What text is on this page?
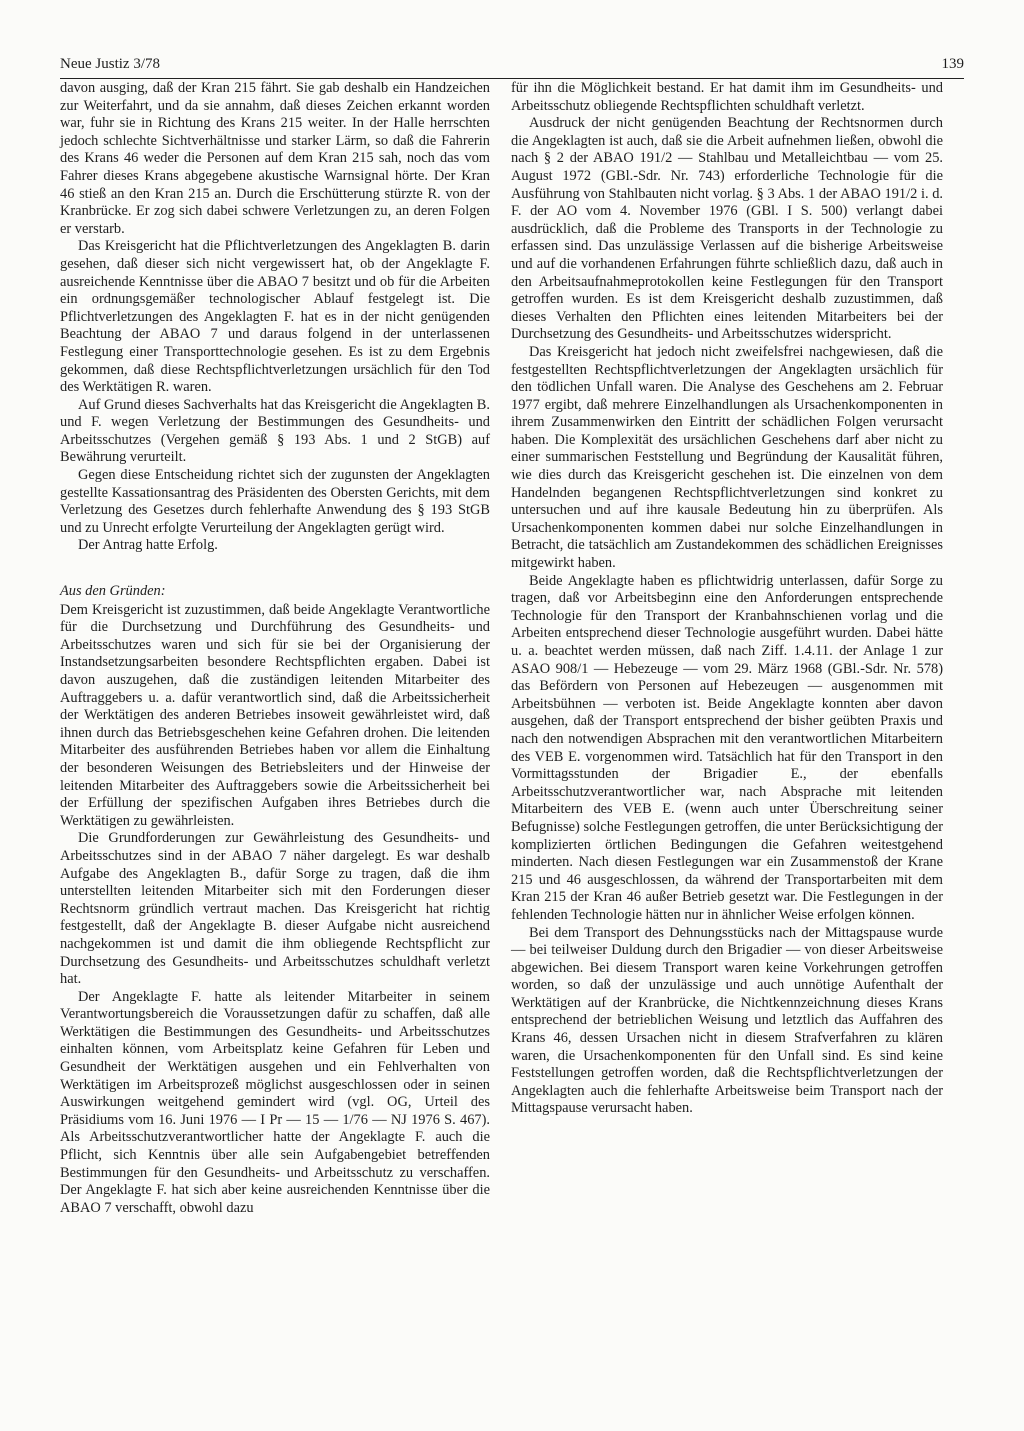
Neue Justiz 3/78	139

davon ausging, daß der Kran 215 fährt. Sie gab deshalb ein Handzeichen zur Weiterfahrt, und da sie annahm, daß dieses Zeichen erkannt worden war, fuhr sie in Richtung des Krans 215 weiter. In der Halle herrschten jedoch schlechte Sichtverhältnisse und starker Lärm, so daß die Fahrerin des Krans 46 weder die Personen auf dem Kran 215 sah, noch das vom Fahrer dieses Krans abgegebene akustische Warnsignal hörte. Der Kran 46 stieß an den Kran 215 an. Durch die Erschütterung stürzte R. von der Kranbrücke. Er zog sich dabei schwere Verletzungen zu, an deren Folgen er verstarb.

Das Kreisgericht hat die Pflichtverletzungen des Angeklagten B. darin gesehen, daß dieser sich nicht vergewissert hat, ob der Angeklagte F. ausreichende Kenntnisse über die ABAO 7 besitzt und ob für die Arbeiten ein ordnungsgemäßer technologischer Ablauf festgelegt ist. Die Pflichtverletzungen des Angeklagten F. hat es in der nicht genügenden Beachtung der ABAO 7 und daraus folgend in der unterlassenen Festlegung einer Transporttechnologie gesehen. Es ist zu dem Ergebnis gekommen, daß diese Rechtspflichtverletzungen ursächlich für den Tod des Werktätigen R. waren.

Auf Grund dieses Sachverhalts hat das Kreisgericht die Angeklagten B. und F. wegen Verletzung der Bestimmungen des Gesundheits- und Arbeitsschutzes (Vergehen gemäß § 193 Abs. 1 und 2 StGB) auf Bewährung verurteilt.

Gegen diese Entscheidung richtet sich der zugunsten der Angeklagten gestellte Kassationsantrag des Präsidenten des Obersten Gerichts, mit dem Verletzung des Gesetzes durch fehlerhafte Anwendung des § 193 StGB und zu Unrecht erfolgte Verurteilung der Angeklagten gerügt wird.

Der Antrag hatte Erfolg.

Aus den Gründen:

Dem Kreisgericht ist zuzustimmen, daß beide Angeklagte Verantwortliche für die Durchsetzung und Durchführung des Gesundheits- und Arbeitsschutzes waren und sich für sie bei der Organisierung der Instandsetzungsarbeiten besondere Rechtspflichten ergaben. Dabei ist davon auszugehen, daß die zuständigen leitenden Mitarbeiter des Auftraggebers u. a. dafür verantwortlich sind, daß die Arbeitssicherheit der Werktätigen des anderen Betriebes insoweit gewährleistet wird, daß ihnen durch das Betriebsgeschehen keine Gefahren drohen. Die leitenden Mitarbeiter des ausführenden Betriebes haben vor allem die Einhaltung der besonderen Weisungen des Betriebsleiters und der Hinweise der leitenden Mitarbeiter des Auftraggebers sowie die Arbeitssicherheit bei der Erfüllung der spezifischen Aufgaben ihres Betriebes durch die Werktätigen zu gewährleisten.

Die Grundforderungen zur Gewährleistung des Gesundheits- und Arbeitsschutzes sind in der ABAO 7 näher dargelegt. Es war deshalb Aufgabe des Angeklagten B., dafür Sorge zu tragen, daß die ihm unterstellten leitenden Mitarbeiter sich mit den Forderungen dieser Rechtsnorm gründlich vertraut machen. Das Kreisgericht hat richtig festgestellt, daß der Angeklagte B. dieser Aufgabe nicht ausreichend nachgekommen ist und damit die ihm obliegende Rechtspflicht zur Durchsetzung des Gesundheits- und Arbeitsschutzes schuldhaft verletzt hat.

Der Angeklagte F. hatte als leitender Mitarbeiter in seinem Verantwortungsbereich die Voraussetzungen dafür zu schaffen, daß alle Werktätigen die Bestimmungen des Gesundheits- und Arbeitsschutzes einhalten können, vom Arbeitsplatz keine Gefahren für Leben und Gesundheit der Werktätigen ausgehen und ein Fehlverhalten von Werktätigen im Arbeitsprozeß möglichst ausgeschlossen oder in seinen Auswirkungen weitgehend gemindert wird (vgl. OG, Urteil des Präsidiums vom 16. Juni 1976 — I Pr — 15 — 1/76 — NJ 1976 S. 467). Als Arbeitsschutzverantwortlicher hatte der Angeklagte F. auch die Pflicht, sich Kenntnis über alle sein Aufgabengebiet betreffenden Bestimmungen für den Gesundheits- und Arbeitsschutz zu verschaffen. Der Angeklagte F. hat sich aber keine ausreichenden Kenntnisse über die ABAO 7 verschafft, obwohl dazu

für ihn die Möglichkeit bestand. Er hat damit ihm im Gesundheits- und Arbeitsschutz obliegende Rechtspflichten schuldhaft verletzt.

Ausdruck der nicht genügenden Beachtung der Rechtsnormen durch die Angeklagten ist auch, daß sie die Arbeit aufnehmen ließen, obwohl die nach § 2 der ABAO 191/2 — Stahlbau und Metalleichtbau — vom 25. August 1972 (GBl.-Sdr. Nr. 743) erforderliche Technologie für die Ausführung von Stahlbauten nicht vorlag. § 3 Abs. 1 der ABAO 191/2 i. d. F. der AO vom 4. November 1976 (GBl. I S. 500) verlangt dabei ausdrücklich, daß die Probleme des Transports in der Technologie zu erfassen sind. Das unzulässige Verlassen auf die bisherige Arbeitsweise und auf die vorhandenen Erfahrungen führte schließlich dazu, daß auch in den Arbeitsaufnahmeprotokollen keine Festlegungen für den Transport getroffen wurden. Es ist dem Kreisgericht deshalb zuzustimmen, daß dieses Verhalten den Pflichten eines leitenden Mitarbeiters bei der Durchsetzung des Gesundheits- und Arbeitsschutzes widerspricht.

Das Kreisgericht hat jedoch nicht zweifelsfrei nachgewiesen, daß die festgestellten Rechtspflichtverletzungen der Angeklagten ursächlich für den tödlichen Unfall waren. Die Analyse des Geschehens am 2. Februar 1977 ergibt, daß mehrere Einzelhandlungen als Ursachenkomponenten in ihrem Zusammenwirken den Eintritt der schädlichen Folgen verursacht haben. Die Komplexität des ursächlichen Geschehens darf aber nicht zu einer summarischen Feststellung und Begründung der Kausalität führen, wie dies durch das Kreisgericht geschehen ist. Die einzelnen von dem Handelnden begangenen Rechtspflichtverletzungen sind konkret zu untersuchen und auf ihre kausale Bedeutung hin zu überprüfen. Als Ursachenkomponenten kommen dabei nur solche Einzelhandlungen in Betracht, die tatsächlich am Zustandekommen des schädlichen Ereignisses mitgewirkt haben.

Beide Angeklagte haben es pflichtwidrig unterlassen, dafür Sorge zu tragen, daß vor Arbeitsbeginn eine den Anforderungen entsprechende Technologie für den Transport der Kranbahnschienen vorlag und die Arbeiten entsprechend dieser Technologie ausgeführt wurden. Dabei hätte u. a. beachtet werden müssen, daß nach Ziff. 1.4.11. der Anlage 1 zur ASAO 908/1 — Hebezeuge — vom 29. März 1968 (GBl.-Sdr. Nr. 578) das Befördern von Personen auf Hebezeugen — ausgenommen mit Arbeitsbühnen — verboten ist. Beide Angeklagte konnten aber davon ausgehen, daß der Transport entsprechend der bisher geübten Praxis und nach den notwendigen Absprachen mit den verantwortlichen Mitarbeitern des VEB E. vorgenommen wird. Tatsächlich hat für den Transport in den Vormittagsstunden der Brigadier E., der ebenfalls Arbeitsschutzverantwortlicher war, nach Absprache mit leitenden Mitarbeitern des VEB E. (wenn auch unter Überschreitung seiner Befugnisse) solche Festlegungen getroffen, die unter Berücksichtigung der komplizierten örtlichen Bedingungen die Gefahren weitestgehend minderten. Nach diesen Festlegungen war ein Zusammenstoß der Krane 215 und 46 ausgeschlossen, da während der Transportarbeiten mit dem Kran 215 der Kran 46 außer Betrieb gesetzt war. Die Festlegungen in der fehlenden Technologie hätten nur in ähnlicher Weise erfolgen können.

Bei dem Transport des Dehnungsstücks nach der Mittagspause wurde — bei teilweiser Duldung durch den Brigadier — von dieser Arbeitsweise abgewichen. Bei diesem Transport waren keine Vorkehrungen getroffen worden, so daß der unzulässige und auch unnötige Aufenthalt der Werktätigen auf der Kranbrücke, die Nichtkennzeichnung dieses Krans entsprechend der betrieblichen Weisung und letztlich das Auffahren des Krans 46, dessen Ursachen nicht in diesem Strafverfahren zu klären waren, die Ursachenkomponenten für den Unfall sind. Es sind keine Feststellungen getroffen worden, daß die Rechtspflichtverletzungen der Angeklagten auch die fehlerhafte Arbeitsweise beim Transport nach der Mittagspause verursacht haben.
